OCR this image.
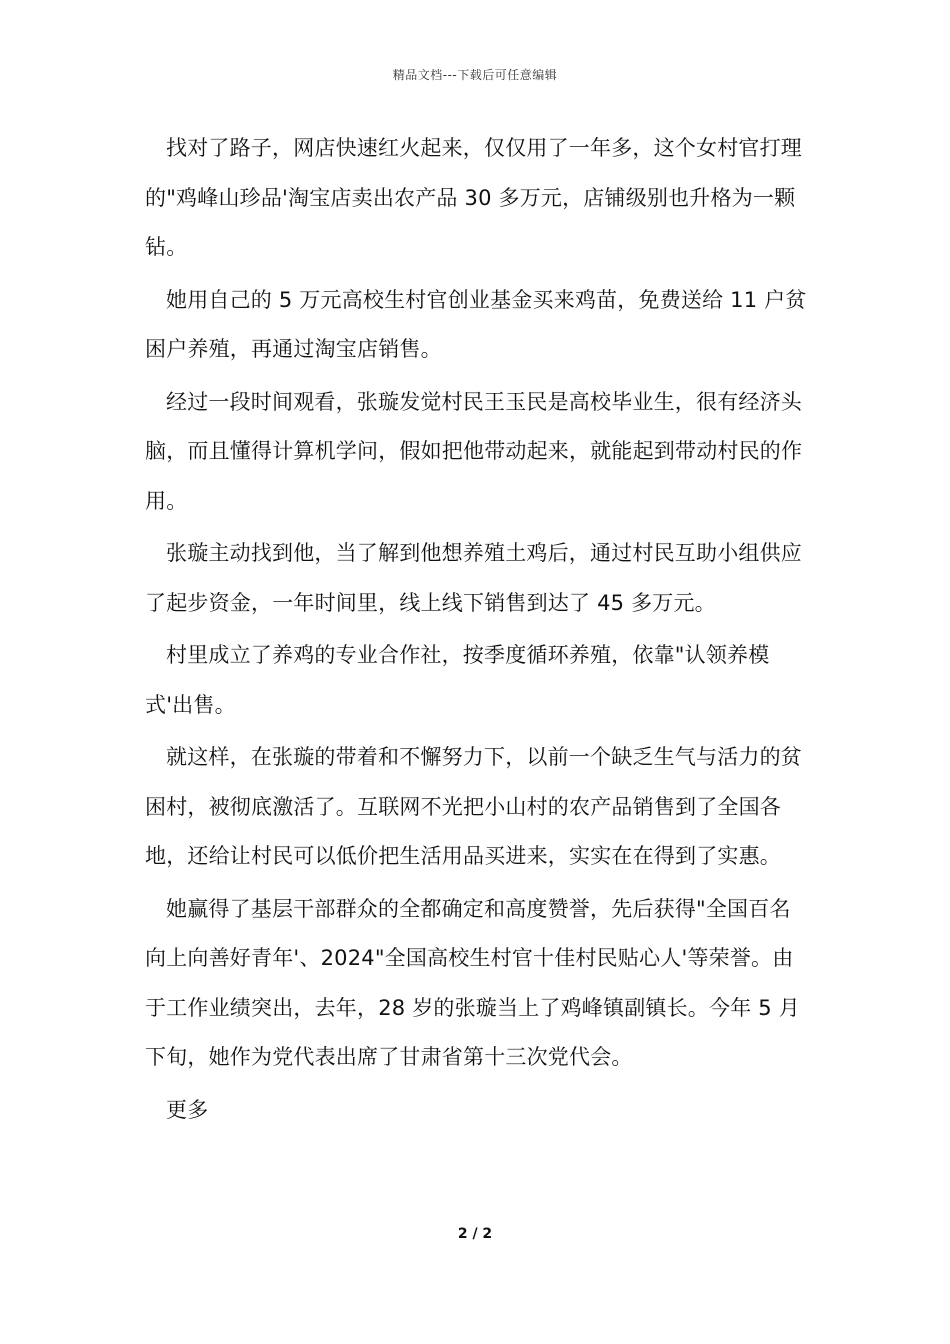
精品文档---下载后可任意编辑

找对了路子，网店快速红火起来，仅仅用了一年多，这个女村官打理的"鸡峰山珍品'淘宝店卖出农产品 30 多万元，店铺级别也升格为一颗钻。

她用自己的 5 万元高校生村官创业基金买来鸡苗，免费送给 11 户贫困户养殖，再通过淘宝店销售。

经过一段时间观看，张璇发觉村民王玉民是高校毕业生，很有经济头脑，而且懂得计算机学问，假如把他带动起来，就能起到带动村民的作用。

张璇主动找到他，当了解到他想养殖土鸡后，通过村民互助小组供应了起步资金，一年时间里，线上线下销售到达了 45 多万元。

村里成立了养鸡的专业合作社，按季度循环养殖，依靠"认领养模式'出售。

就这样，在张璇的带着和不懈努力下，以前一个缺乏生气与活力的贫困村，被彻底激活了。互联网不光把小山村的农产品销售到了全国各地，还给让村民可以低价把生活用品买进来，实实在在得到了实惠。

她赢得了基层干部群众的全都确定和高度赞誉，先后获得"全国百名向上向善好青年'、2024"全国高校生村官十佳村民贴心人'等荣誉。由于工作业绩突出，去年，28 岁的张璇当上了鸡峰镇副镇长。今年 5 月下旬，她作为党代表出席了甘肃省第十三次党代会。

更多

2 / 2
